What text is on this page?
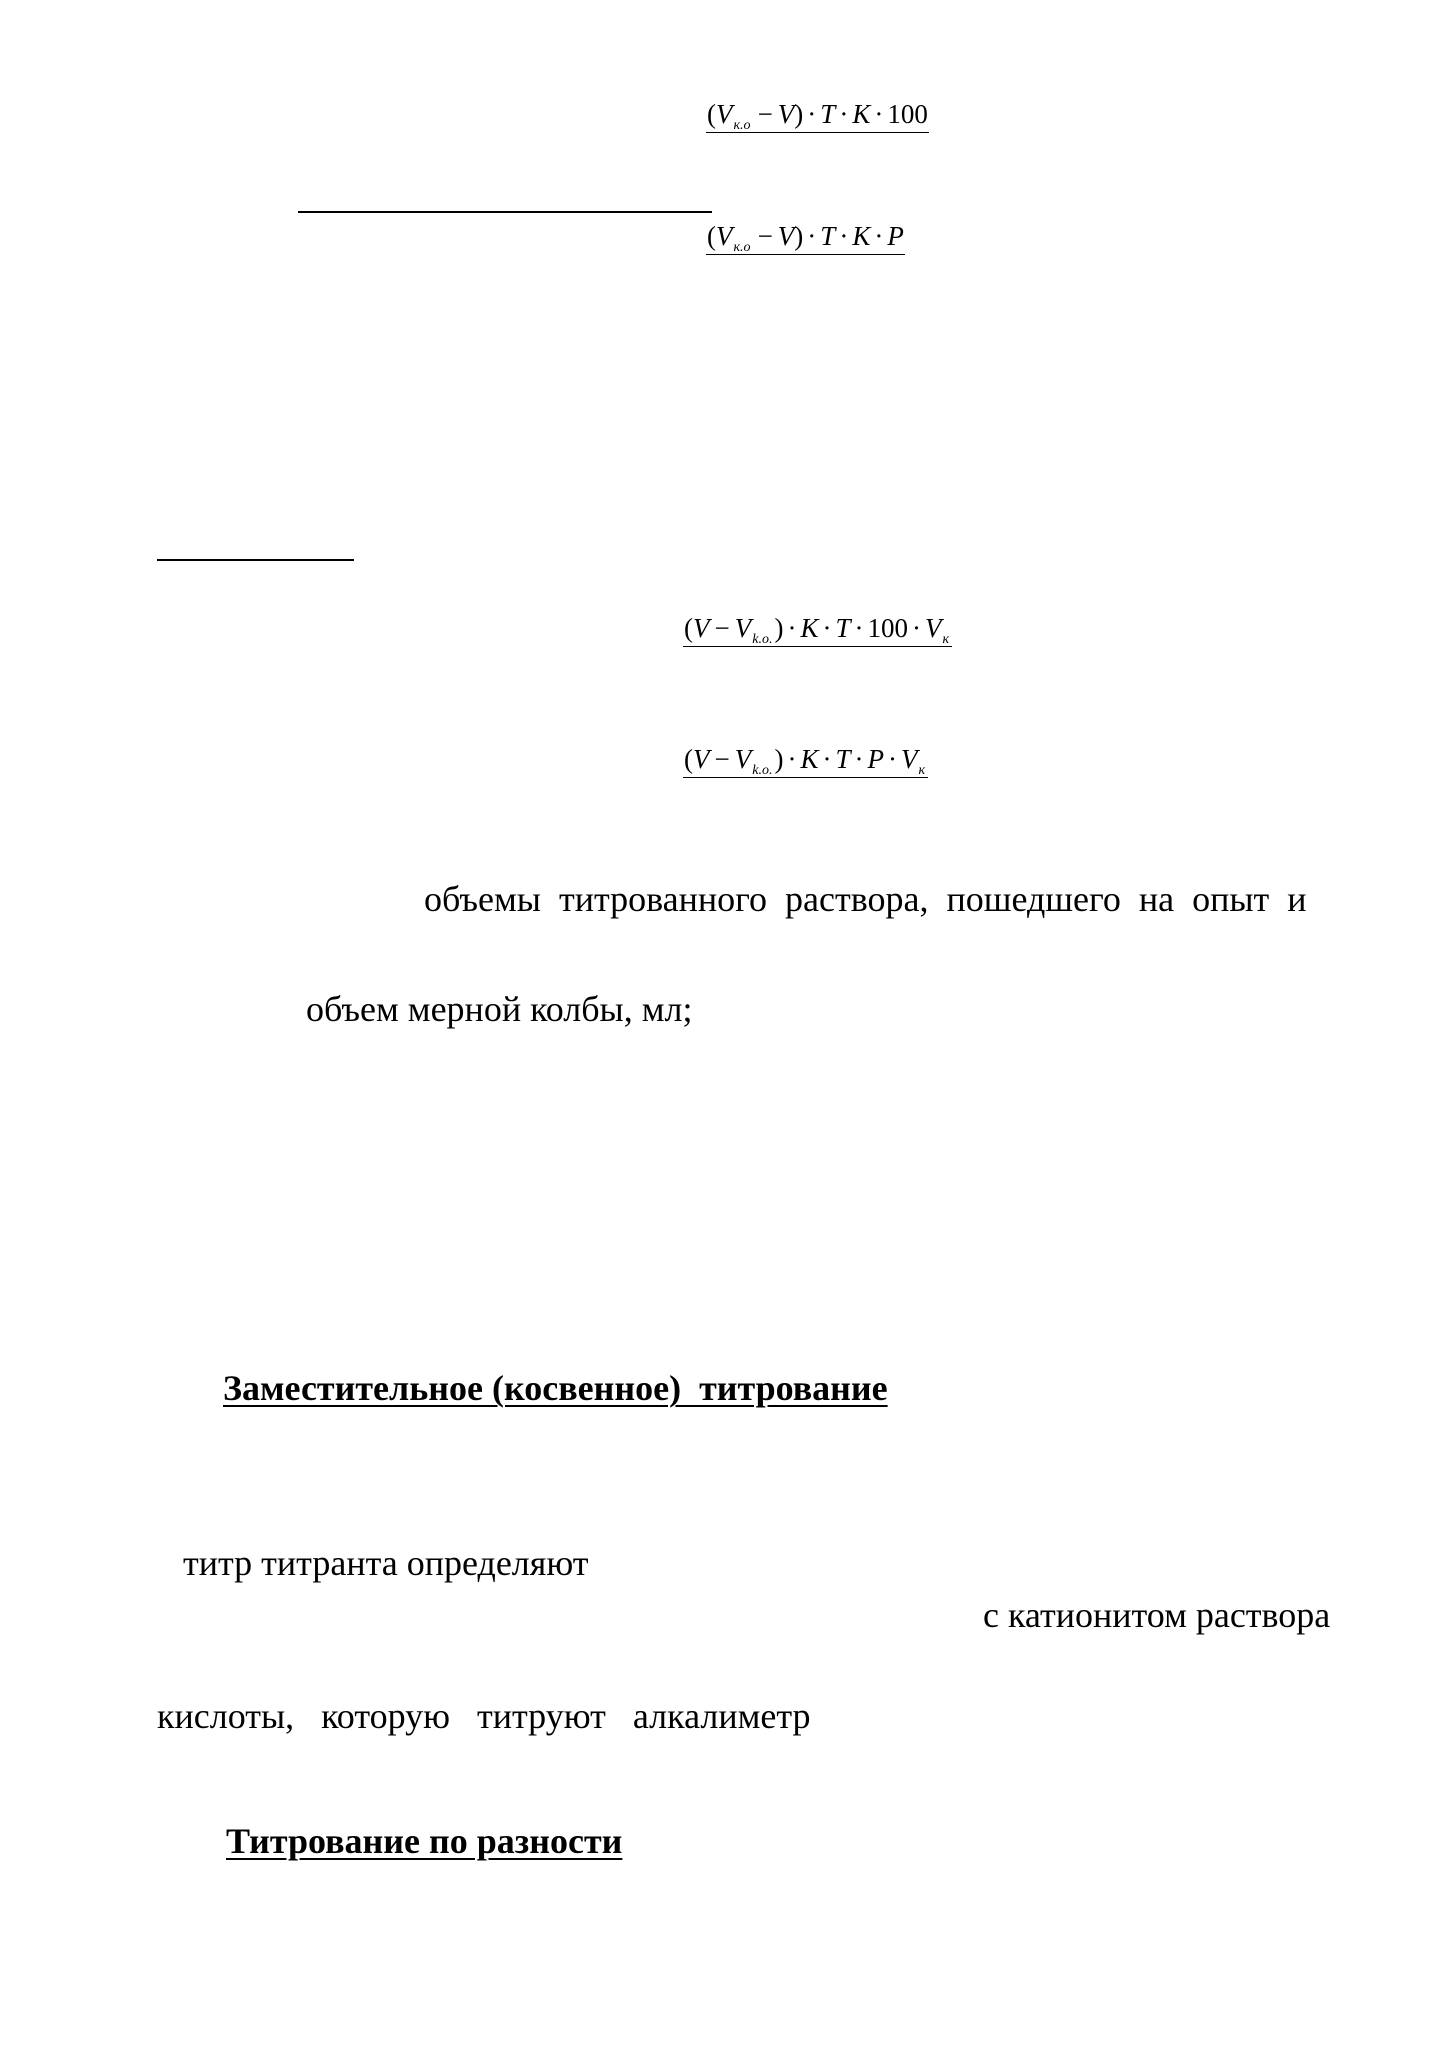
$(V_{к.о} - V) \cdot T \cdot K \cdot 100$
$(V_{к.о} - V) \cdot T \cdot K \cdot P$
$(V - V_{k.o.}) \cdot K \cdot T \cdot 100 \cdot V_к$
$(V - V_{k.o.}) \cdot K \cdot T \cdot P \cdot V_к$
объемы  титрованного  раствора,  пошедшего  на  опыт  и
объем мерной колбы, мл;
Заместительное (косвенное)  титрование
титр титранта определяют
с катионитом раствора
кислоты,   которую   титруют   алкалиметр
Титрование по разности
